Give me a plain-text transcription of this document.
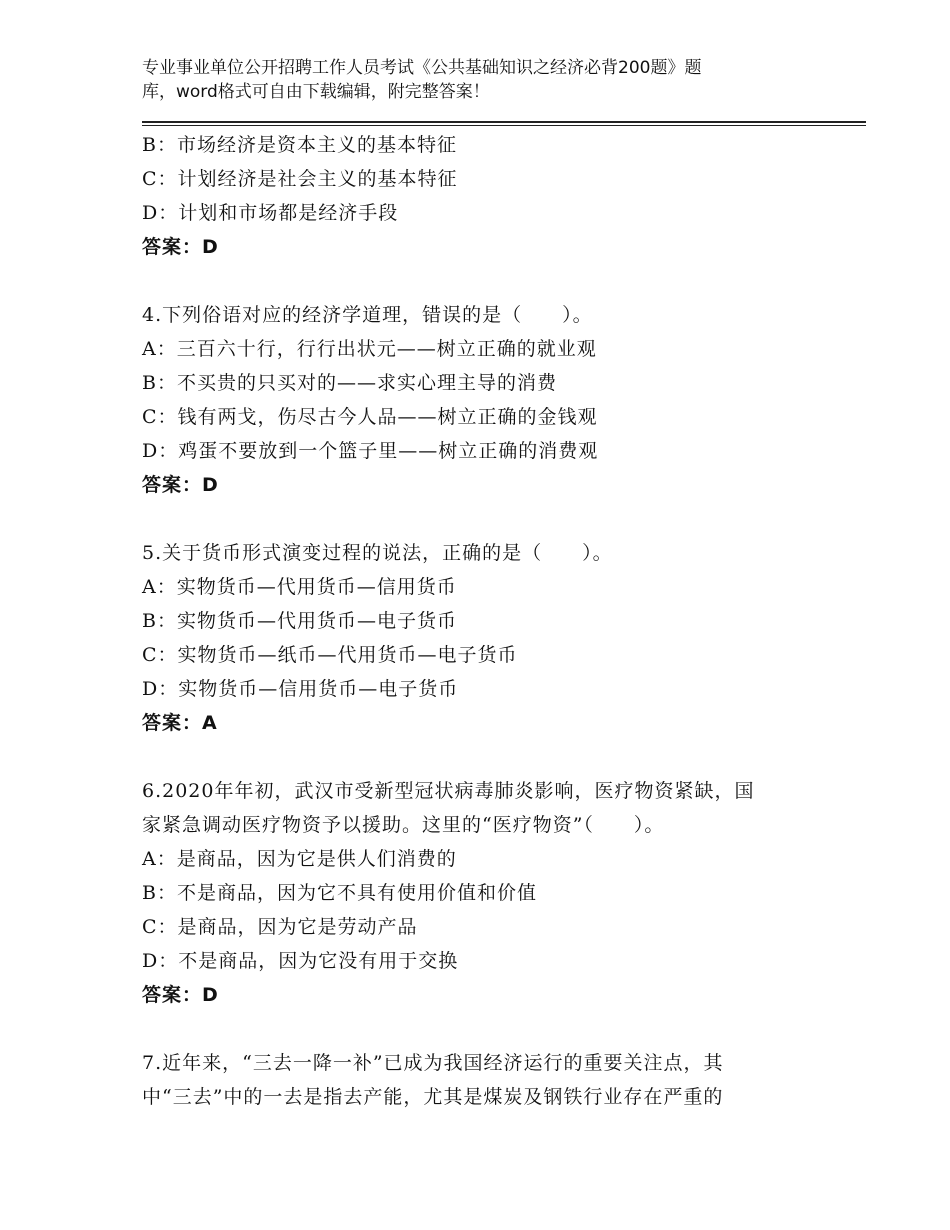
专业事业单位公开招聘工作人员考试《公共基础知识之经济必背200题》题
库，word格式可自由下载编辑，附完整答案！
B：市场经济是资本主义的基本特征
C：计划经济是社会主义的基本特征
D：计划和市场都是经济手段
答案：D
4.下列俗语对应的经济学道理，错误的是（　　）。
A：三百六十行，行行出状元——树立正确的就业观
B：不买贵的只买对的——求实心理主导的消费
C：钱有两戈，伤尽古今人品——树立正确的金钱观
D：鸡蛋不要放到一个篮子里——树立正确的消费观
答案：D
5.关于货币形式演变过程的说法，正确的是（　　）。
A：实物货币—代用货币—信用货币
B：实物货币—代用货币—电子货币
C：实物货币—纸币—代用货币—电子货币
D：实物货币—信用货币—电子货币
答案：A
6.2020年年初，武汉市受新型冠状病毒肺炎影响，医疗物资紧缺，国
家紧急调动医疗物资予以援助。这里的“医疗物资”（　　）。
A：是商品，因为它是供人们消费的
B：不是商品，因为它不具有使用价值和价值
C：是商品，因为它是劳动产品
D：不是商品，因为它没有用于交换
答案：D
7.近年来，“三去一降一补”已成为我国经济运行的重要关注点，其
中“三去”中的一去是指去产能，尤其是煤炭及钢铁行业存在严重的
